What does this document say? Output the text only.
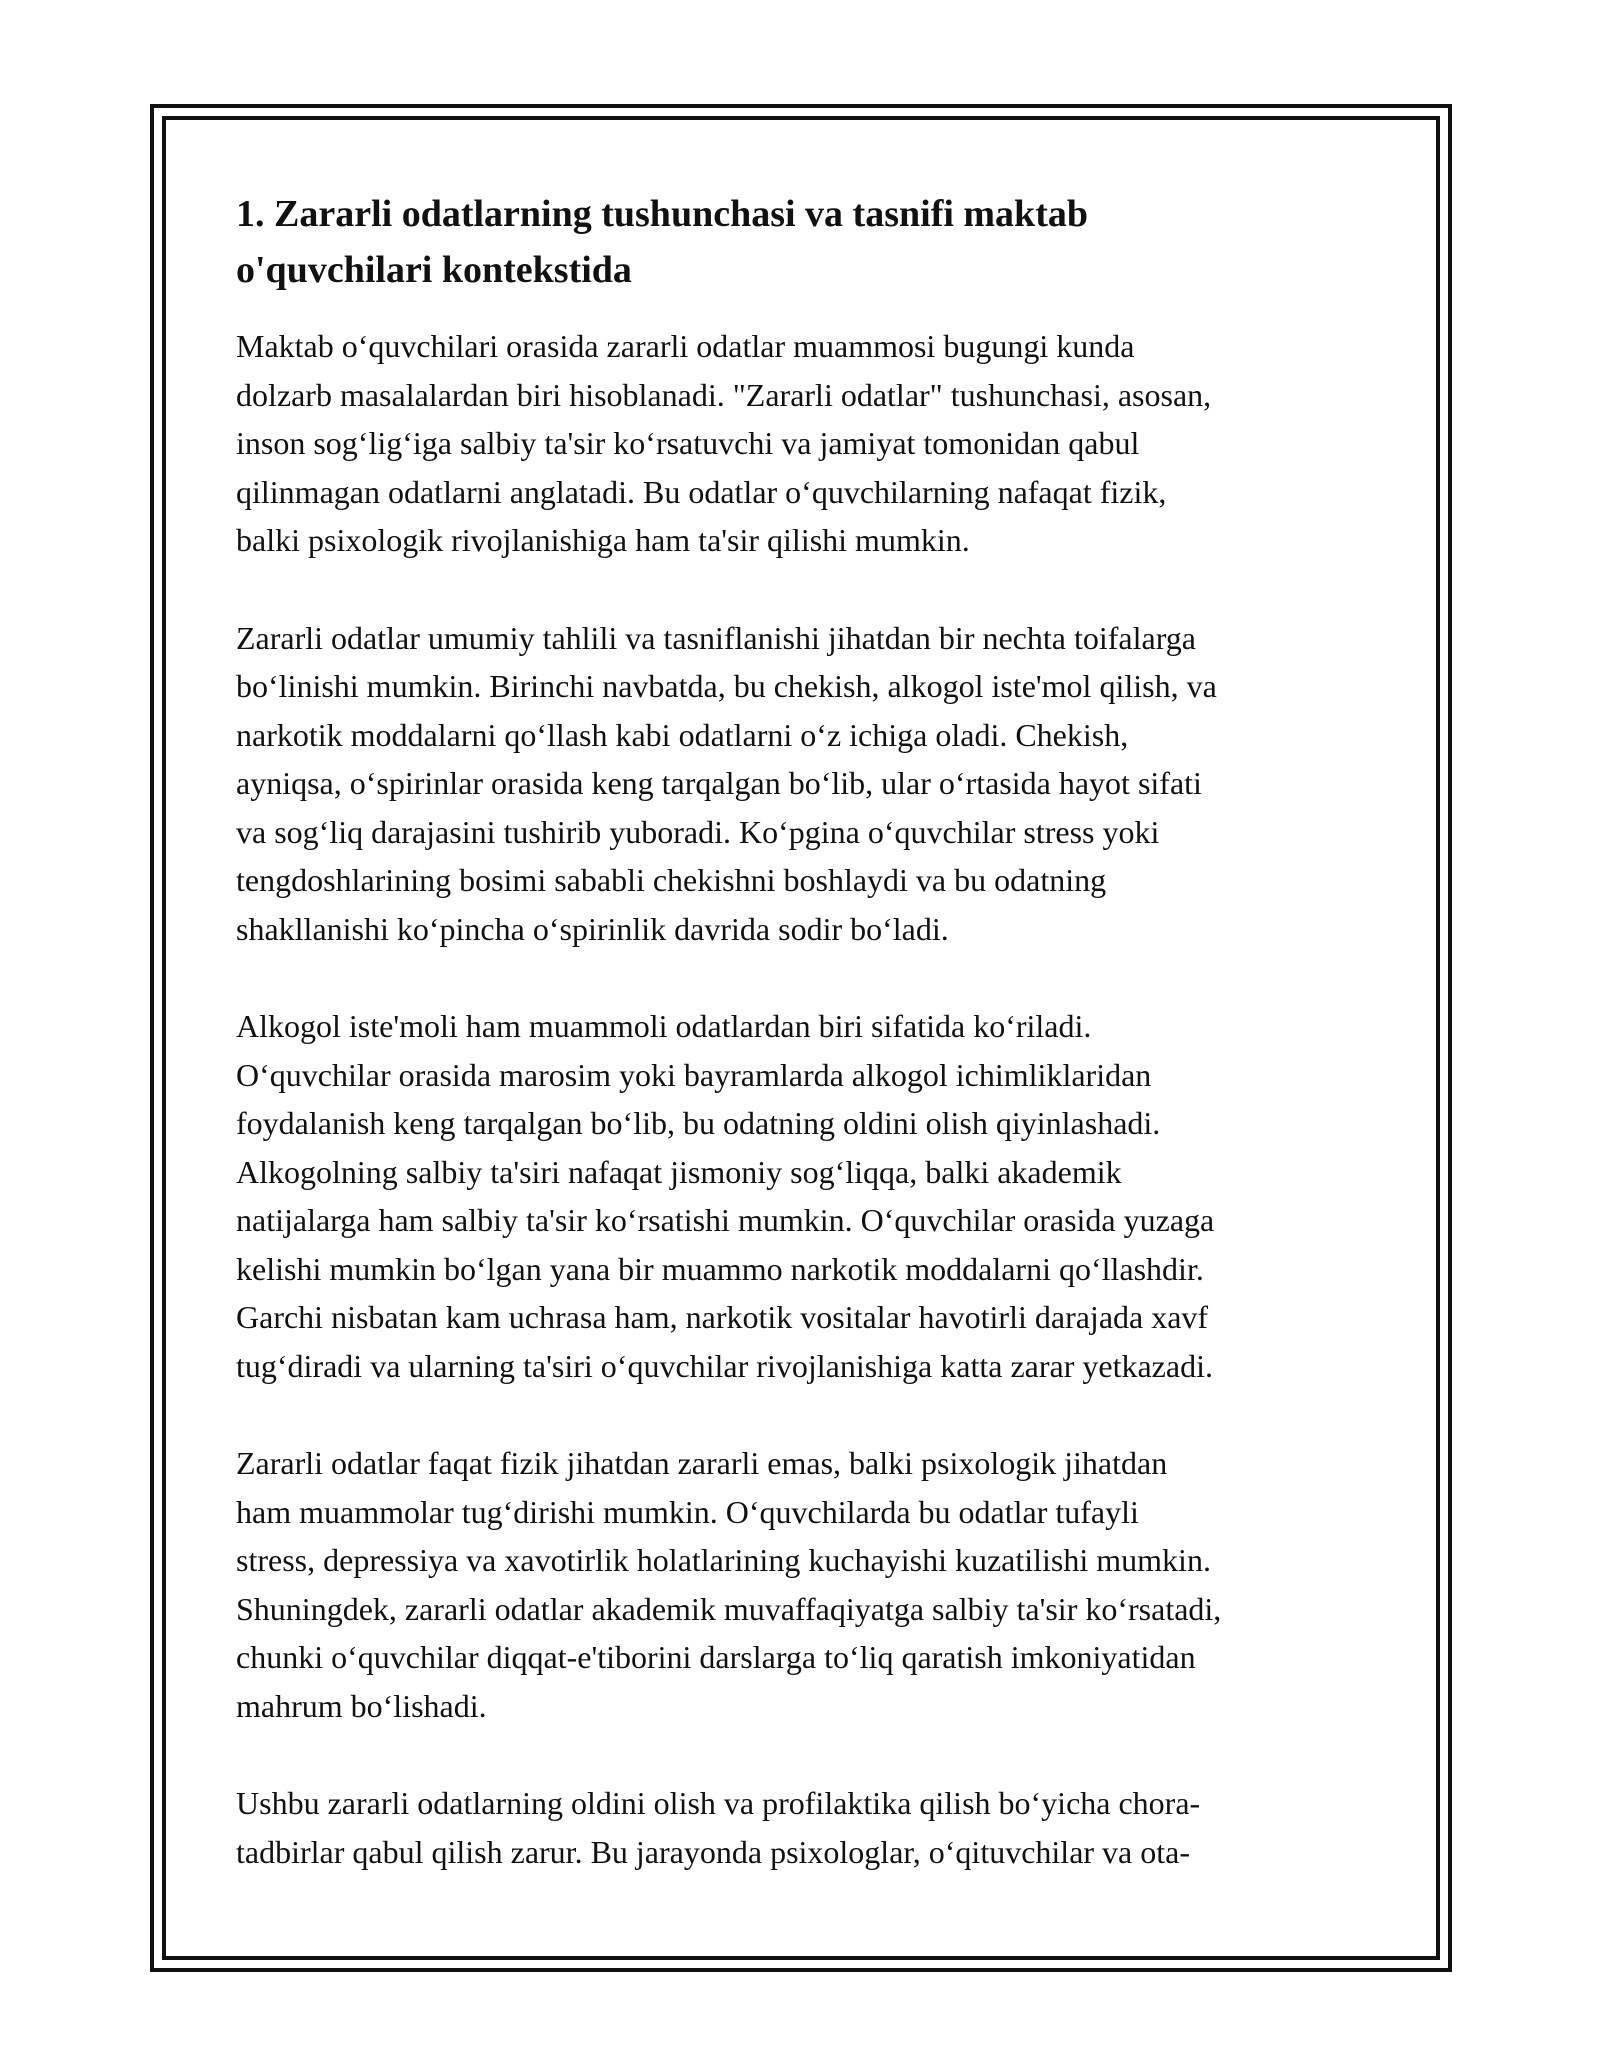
1. Zararli odatlarning tushunchasi va tasnifi maktab o'quvchilari kontekstida

Maktab o‘quvchilari orasida zararli odatlar muammosi bugungi kunda
dolzarb masalalardan biri hisoblanadi. "Zararli odatlar" tushunchasi, asosan,
inson sog‘lig‘iga salbiy ta'sir ko‘rsatuvchi va jamiyat tomonidan qabul
qilinmagan odatlarni anglatadi. Bu odatlar o‘quvchilarning nafaqat fizik,
balki psixologik rivojlanishiga ham ta'sir qilishi mumkin.

Zararli odatlar umumiy tahlili va tasniflanishi jihatdan bir nechta toifalarga
bo‘linishi mumkin. Birinchi navbatda, bu chekish, alkogol iste'mol qilish, va
narkotik moddalarni qo‘llash kabi odatlarni o‘z ichiga oladi. Chekish,
ayniqsa, o‘spirinlar orasida keng tarqalgan bo‘lib, ular o‘rtasida hayot sifati
va sog‘liq darajasini tushirib yuboradi. Ko‘pgina o‘quvchilar stress yoki
tengdoshlarining bosimi sababli chekishni boshlaydi va bu odatning
shakllanishi ko‘pincha o‘spirinlik davrida sodir bo‘ladi.

Alkogol iste'moli ham muammoli odatlardan biri sifatida ko‘riladi.
O‘quvchilar orasida marosim yoki bayramlarda alkogol ichimliklaridan
foydalanish keng tarqalgan bo‘lib, bu odatning oldini olish qiyinlashadi.
Alkogolning salbiy ta'siri nafaqat jismoniy sog‘liqqa, balki akademik
natijalarga ham salbiy ta'sir ko‘rsatishi mumkin. O‘quvchilar orasida yuzaga
kelishi mumkin bo‘lgan yana bir muammo narkotik moddalarni qo‘llashdir.
Garchi nisbatan kam uchrasa ham, narkotik vositalar havotirli darajada xavf
tug‘diradi va ularning ta'siri o‘quvchilar rivojlanishiga katta zarar yetkazadi.

Zararli odatlar faqat fizik jihatdan zararli emas, balki psixologik jihatdan
ham muammolar tug‘dirishi mumkin. O‘quvchilarda bu odatlar tufayli
stress, depressiya va xavotirlik holatlarining kuchayishi kuzatilishi mumkin.
Shuningdek, zararli odatlar akademik muvaffaqiyatga salbiy ta'sir ko‘rsatadi,
chunki o‘quvchilar diqqat-e'tiborini darslarga to‘liq qaratish imkoniyatidan
mahrum bo‘lishadi.

Ushbu zararli odatlarning oldini olish va profilaktika qilish bo‘yicha chora-
tadbirlar qabul qilish zarur. Bu jarayonda psixologlar, o‘qituvchilar va ota-
